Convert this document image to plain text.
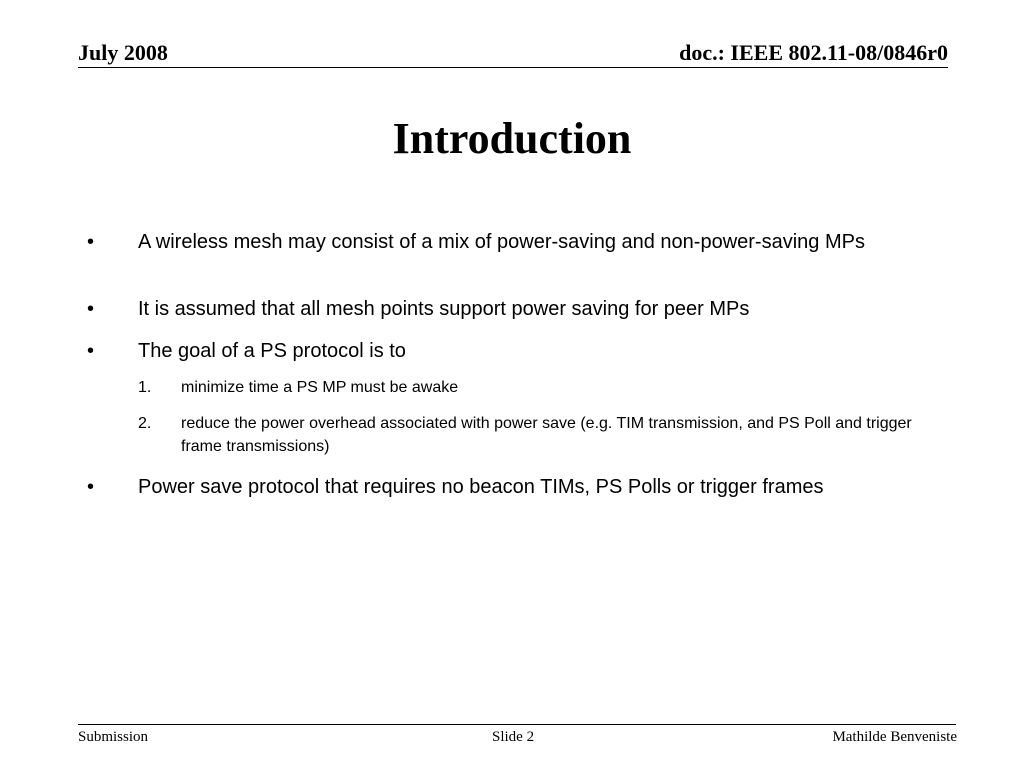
July 2008	doc.: IEEE 802.11-08/0846r0
Introduction
• A wireless mesh may consist of a mix of power-saving and non-power-saving MPs
• It is assumed that all mesh points support power saving for peer MPs
• The goal of a PS protocol is to
1. minimize time a PS MP must be awake
2. reduce the power overhead associated with power save (e.g. TIM transmission, and PS Poll and trigger frame transmissions)
• Power save protocol that requires no beacon TIMs, PS Polls or trigger frames
Submission	Slide 2	Mathilde Benveniste
